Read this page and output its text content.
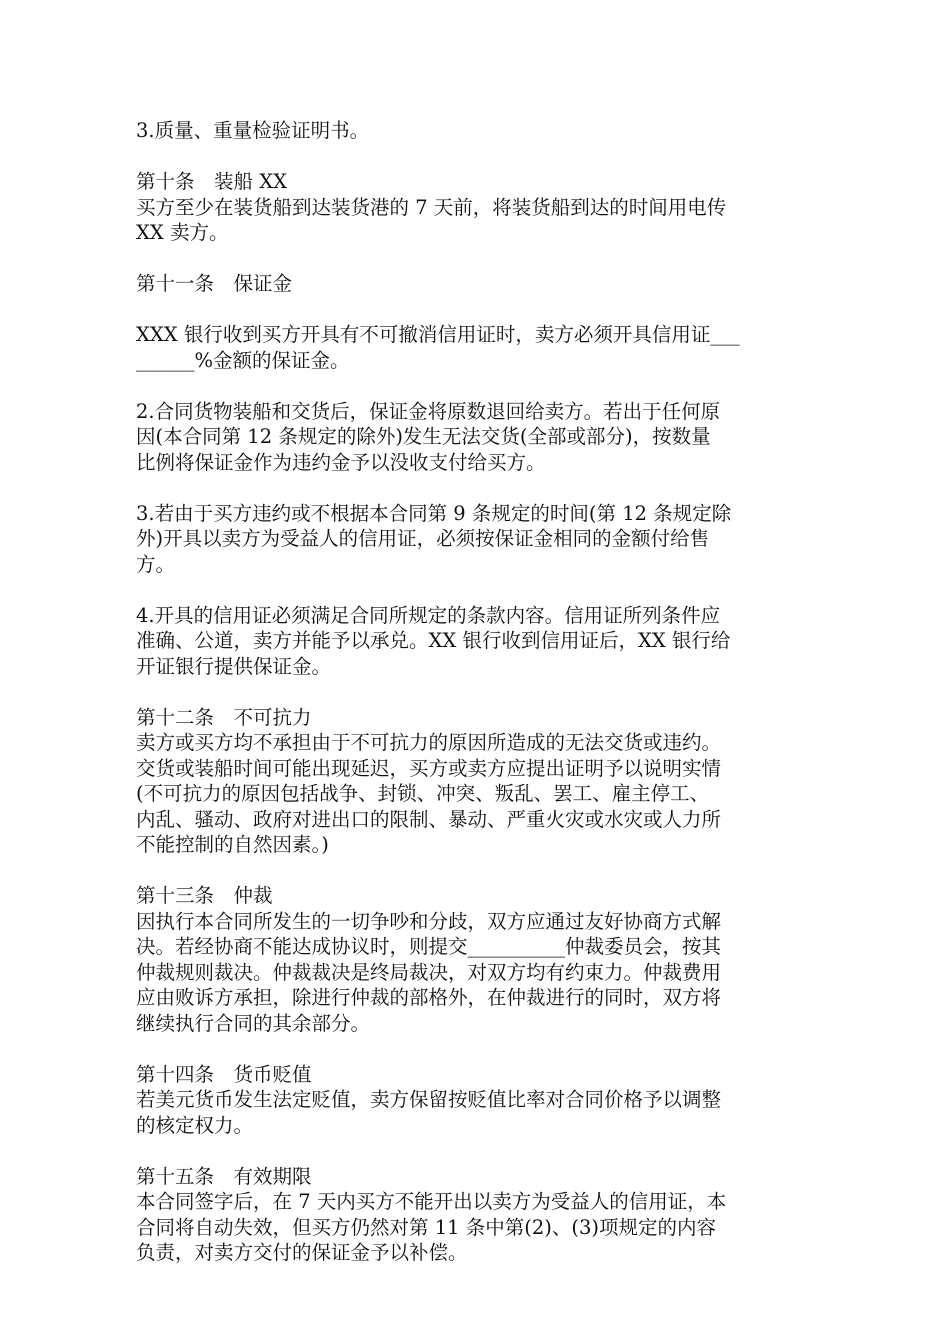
3.质量、重量检验证明书。
第十条　装船 XX
买方至少在装货船到达装货港的 7 天前，将装货船到达的时间用电传
XX 卖方。
第十一条　保证金
XXX 银行收到买方开具有不可撤消信用证时，卖方必须开具信用证___
______%金额的保证金。
2.合同货物装船和交货后，保证金将原数退回给卖方。若出于任何原
因(本合同第 12 条规定的除外)发生无法交货(全部或部分)，按数量
比例将保证金作为违约金予以没收支付给买方。
3.若由于买方违约或不根据本合同第 9 条规定的时间(第 12 条规定除
外)开具以卖方为受益人的信用证，必须按保证金相同的金额付给售
方。
4.开具的信用证必须满足合同所规定的条款内容。信用证所列条件应
准确、公道，卖方并能予以承兑。XX 银行收到信用证后，XX 银行给
开证银行提供保证金。
第十二条　不可抗力
卖方或买方均不承担由于不可抗力的原因所造成的无法交货或违约。
交货或装船时间可能出现延迟，买方或卖方应提出证明予以说明实情
(不可抗力的原因包括战争、封锁、冲突、叛乱、罢工、雇主停工、
内乱、骚动、政府对进出口的限制、暴动、严重火灾或水灾或人力所
不能控制的自然因素。)
第十三条　仲裁
因执行本合同所发生的一切争吵和分歧，双方应通过友好协商方式解
决。若经协商不能达成协议时，则提交__________仲裁委员会，按其
仲裁规则裁决。仲裁裁决是终局裁决，对双方均有约束力。仲裁费用
应由败诉方承担，除进行仲裁的部格外，在仲裁进行的同时，双方将
继续执行合同的其余部分。
第十四条　货币贬值
若美元货币发生法定贬值，卖方保留按贬值比率对合同价格予以调整
的核定权力。
第十五条　有效期限
本合同签字后，在 7 天内买方不能开出以卖方为受益人的信用证，本
合同将自动失效，但买方仍然对第 11 条中第(2)、(3)项规定的内容
负责，对卖方交付的保证金予以补偿。
